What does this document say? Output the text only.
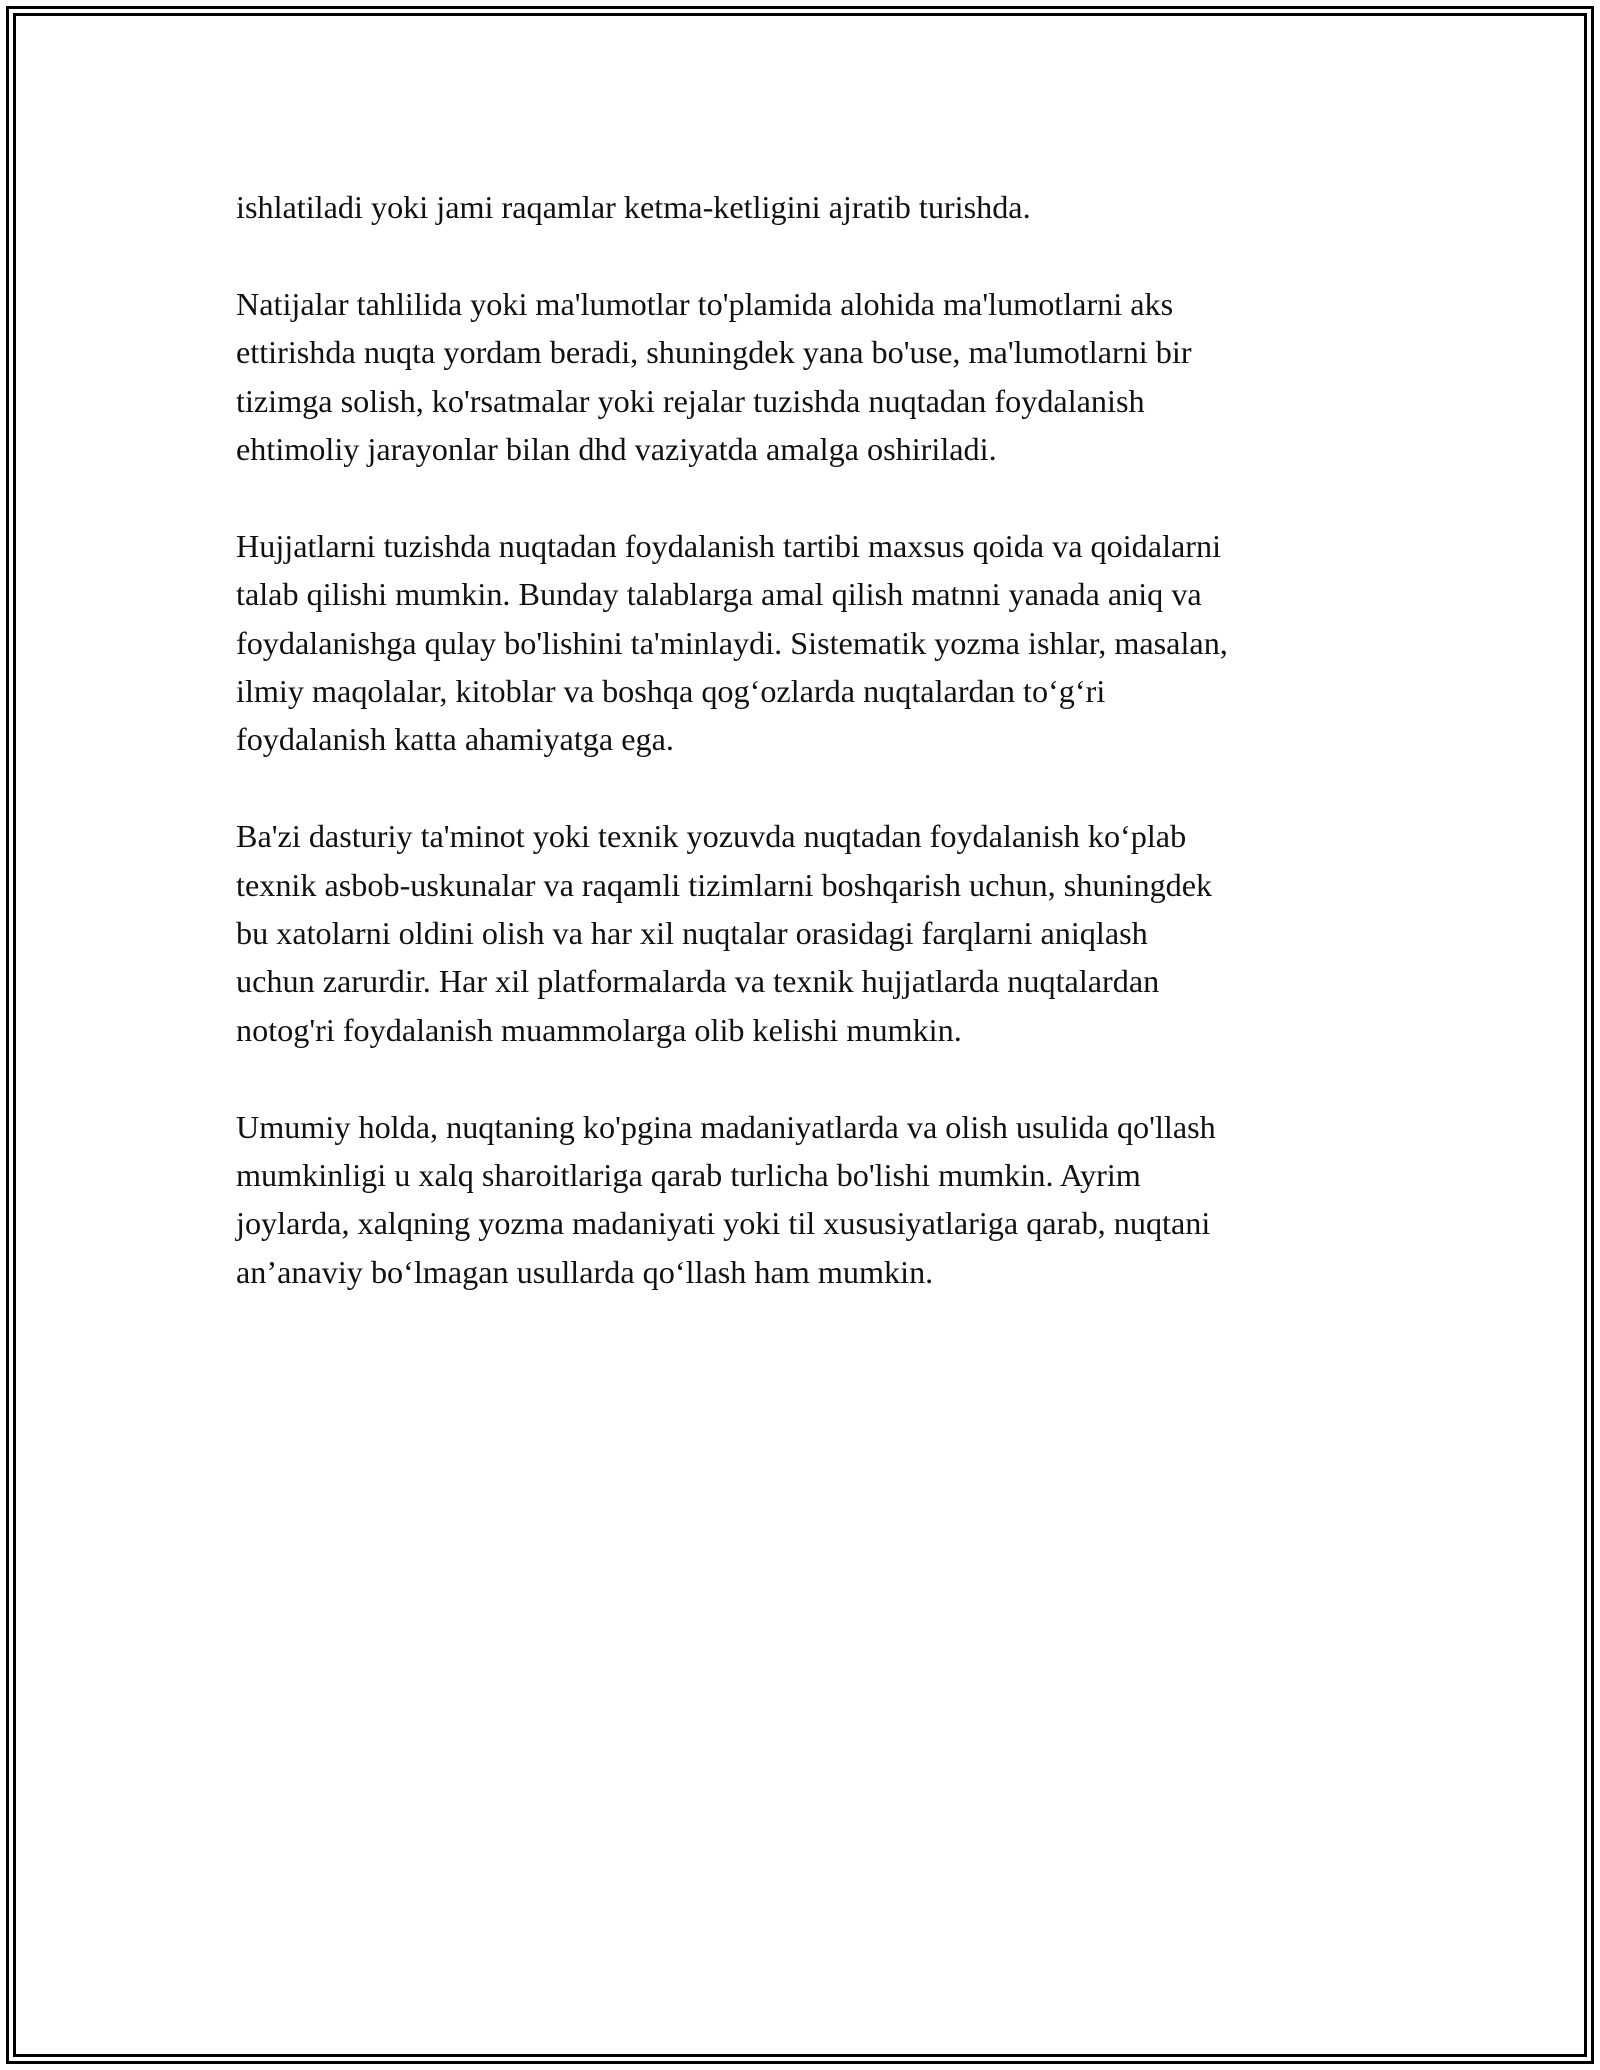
ishlatiladi yoki jami raqamlar ketma-ketligini ajratib turishda.

Natijalar tahlilida yoki ma'lumotlar to'plamida alohida ma'lumotlarni aks
ettirishda nuqta yordam beradi, shuningdek yana bo'use, ma'lumotlarni bir
tizimga solish, ko'rsatmalar yoki rejalar tuzishda nuqtadan foydalanish
ehtimoliy jarayonlar bilan dhd vaziyatda amalga oshiriladi.

Hujjatlarni tuzishda nuqtadan foydalanish tartibi maxsus qoida va qoidalarni
talab qilishi mumkin. Bunday talablarga amal qilish matnni yanada aniq va
foydalanishga qulay bo'lishini ta'minlaydi. Sistematik yozma ishlar, masalan,
ilmiy maqolalar, kitoblar va boshqa qog‘ozlarda nuqtalardan to‘g‘ri
foydalanish katta ahamiyatga ega.

Ba'zi dasturiy ta'minot yoki texnik yozuvda nuqtadan foydalanish ko‘plab
texnik asbob-uskunalar va raqamli tizimlarni boshqarish uchun, shuningdek
bu xatolarni oldini olish va har xil nuqtalar orasidagi farqlarni aniqlash
uchun zarurdir. Har xil platformalarda va texnik hujjatlarda nuqtalardan
notog'ri foydalanish muammolarga olib kelishi mumkin.

Umumiy holda, nuqtaning ko'pgina madaniyatlarda va olish usulida qo'llash
mumkinligi u xalq sharoitlariga qarab turlicha bo'lishi mumkin. Ayrim
joylarda, xalqning yozma madaniyati yoki til xususiyatlariga qarab, nuqtani
an’anaviy bo‘lmagan usullarda qo‘llash ham mumkin.
